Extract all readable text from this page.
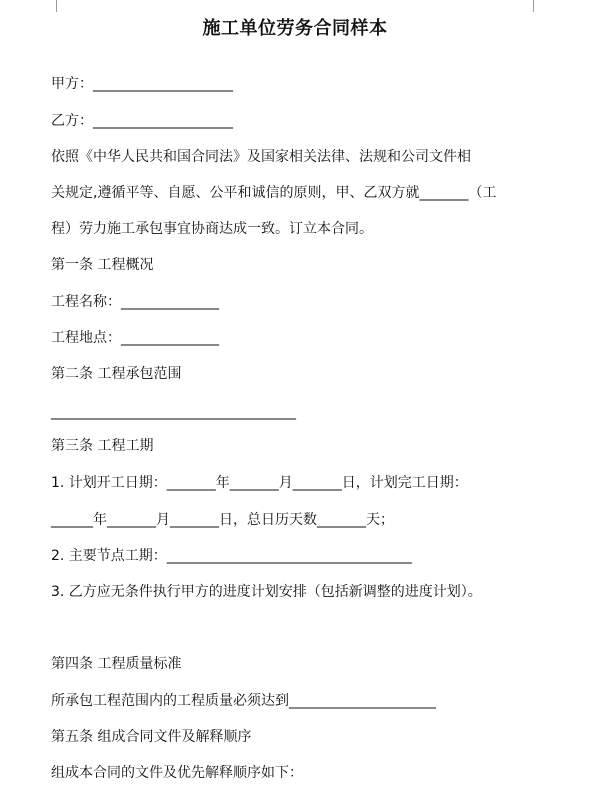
施工单位劳务合同样本
甲方：____________________
乙方：____________________
依照《中华人民共和国合同法》及国家相关法律、法规和公司文件相
关规定,遵循平等、自愿、公平和诚信的原则，甲、乙双方就_______（工
程）劳力施工承包事宜协商达成一致。订立本合同。
第一条 工程概况
工程名称：______________
工程地点：______________
第二条 工程承包范围
___________________________________
第三条 工程工期
1. 计划开工日期：_______年_______月_______日，计划完工日期：
______年_______月_______日，总日历天数_______天；
2. 主要节点工期：___________________________________
3. 乙方应无条件执行甲方的进度计划安排（包括新调整的进度计划）。
第四条 工程质量标准
所承包工程范围内的工程质量必须达到_____________________
第五条 组成合同文件及解释顺序
组成本合同的文件及优先解释顺序如下：
